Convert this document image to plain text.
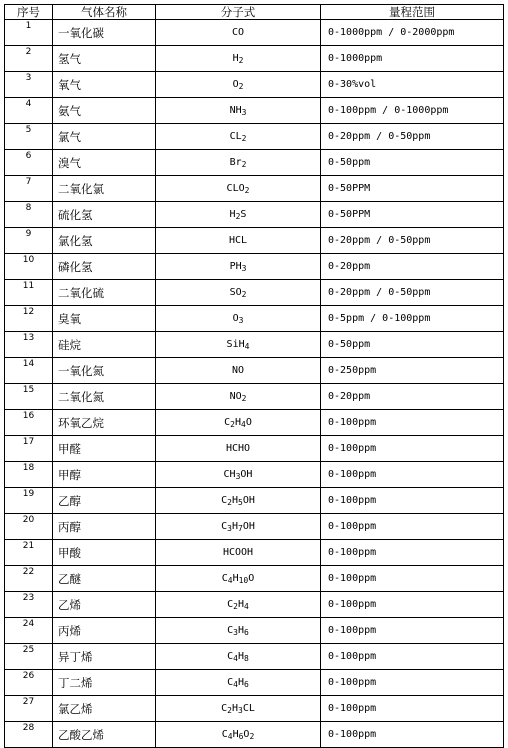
序号	气体名称	分子式	量程范围
1	一氧化碳	CO	0-1000ppm / 0-2000ppm
2	氢气	$H_2$	0-1000ppm
3	氧气	$O_2$	0-30%vol
4	氨气	$NH_3$	0-100ppm / 0-1000ppm
5	氯气	$CL_2$	0-20ppm / 0-50ppm
6	溴气	$Br_2$	0-50ppm
7	二氧化氯	$CLO_2$	0-50PPM
8	硫化氢	$H_2S$	0-50PPM
9	氯化氢	HCL	0-20ppm / 0-50ppm
10	磷化氢	$PH_3$	0-20ppm
11	二氧化硫	$SO_2$	0-20ppm / 0-50ppm
12	臭氧	$O_3$	0-5ppm / 0-100ppm
13	硅烷	SiH$_4$	0-50ppm
14	一氧化氮	NO	0-250ppm
15	二氧化氮	$NO_2$	0-20ppm
16	环氧乙烷	$C_2H_4O$	0-100ppm
17	甲醛	HCHO	0-100ppm
18	甲醇	$CH_3OH$	0-100ppm
19	乙醇	$C_2H_5OH$	0-100ppm
20	丙醇	$C_3H_7OH$	0-100ppm
21	甲酸	HCOOH	0-100ppm
22	乙醚	$C_4H_{10}O$	0-100ppm
23	乙烯	$C_2H_4$	0-100ppm
24	丙烯	$C_3H_6$	0-100ppm
25	异丁烯	$C_4H_8$	0-100ppm
26	丁二烯	$C_4H_6$	0-100ppm
27	氯乙烯	$C_2H_3CL$	0-100ppm
28	乙酸乙烯	$C_4H_6O_2$	0-100ppm
